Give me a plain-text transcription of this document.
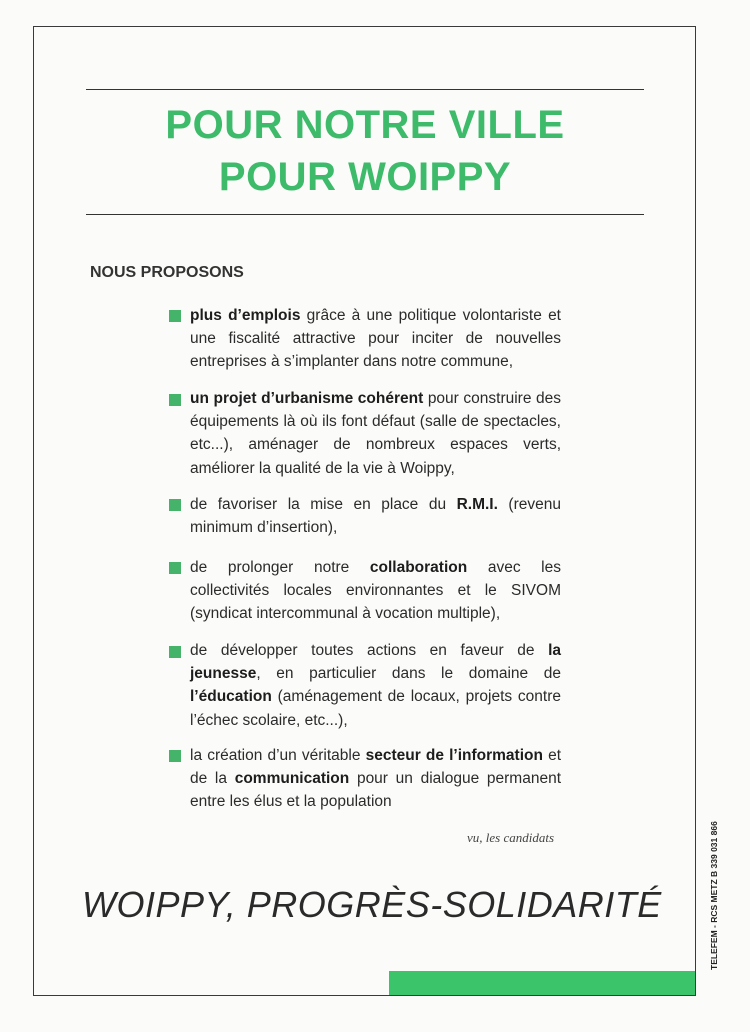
POUR NOTRE VILLE
POUR WOIPPY
NOUS PROPOSONS
plus d’emplois grâce à une politique volontariste et une fiscalité attractive pour inciter de nouvelles entreprises à s’implanter dans notre commune,
un projet d’urbanisme cohérent pour construire des équipements là où ils font défaut (salle de spectacles, etc...), aménager de nombreux espaces verts, améliorer la qualité de la vie à Woippy,
de favoriser la mise en place du R.M.I. (revenu minimum d’insertion),
de prolonger notre collaboration avec les collectivités locales environnantes et le SIVOM (syndicat intercommunal à vocation multiple),
de développer toutes actions en faveur de la jeunesse, en particulier dans le domaine de l’éducation (aménagement de locaux, projets contre l’échec scolaire, etc...),
la création d’un véritable secteur de l’information et de la communication pour un dialogue permanent entre les élus et la population
vu, les candidats
WOIPPY, PROGRÈS-SOLIDARITÉ	TELEFEM - RCS METZ B 339 031 866
